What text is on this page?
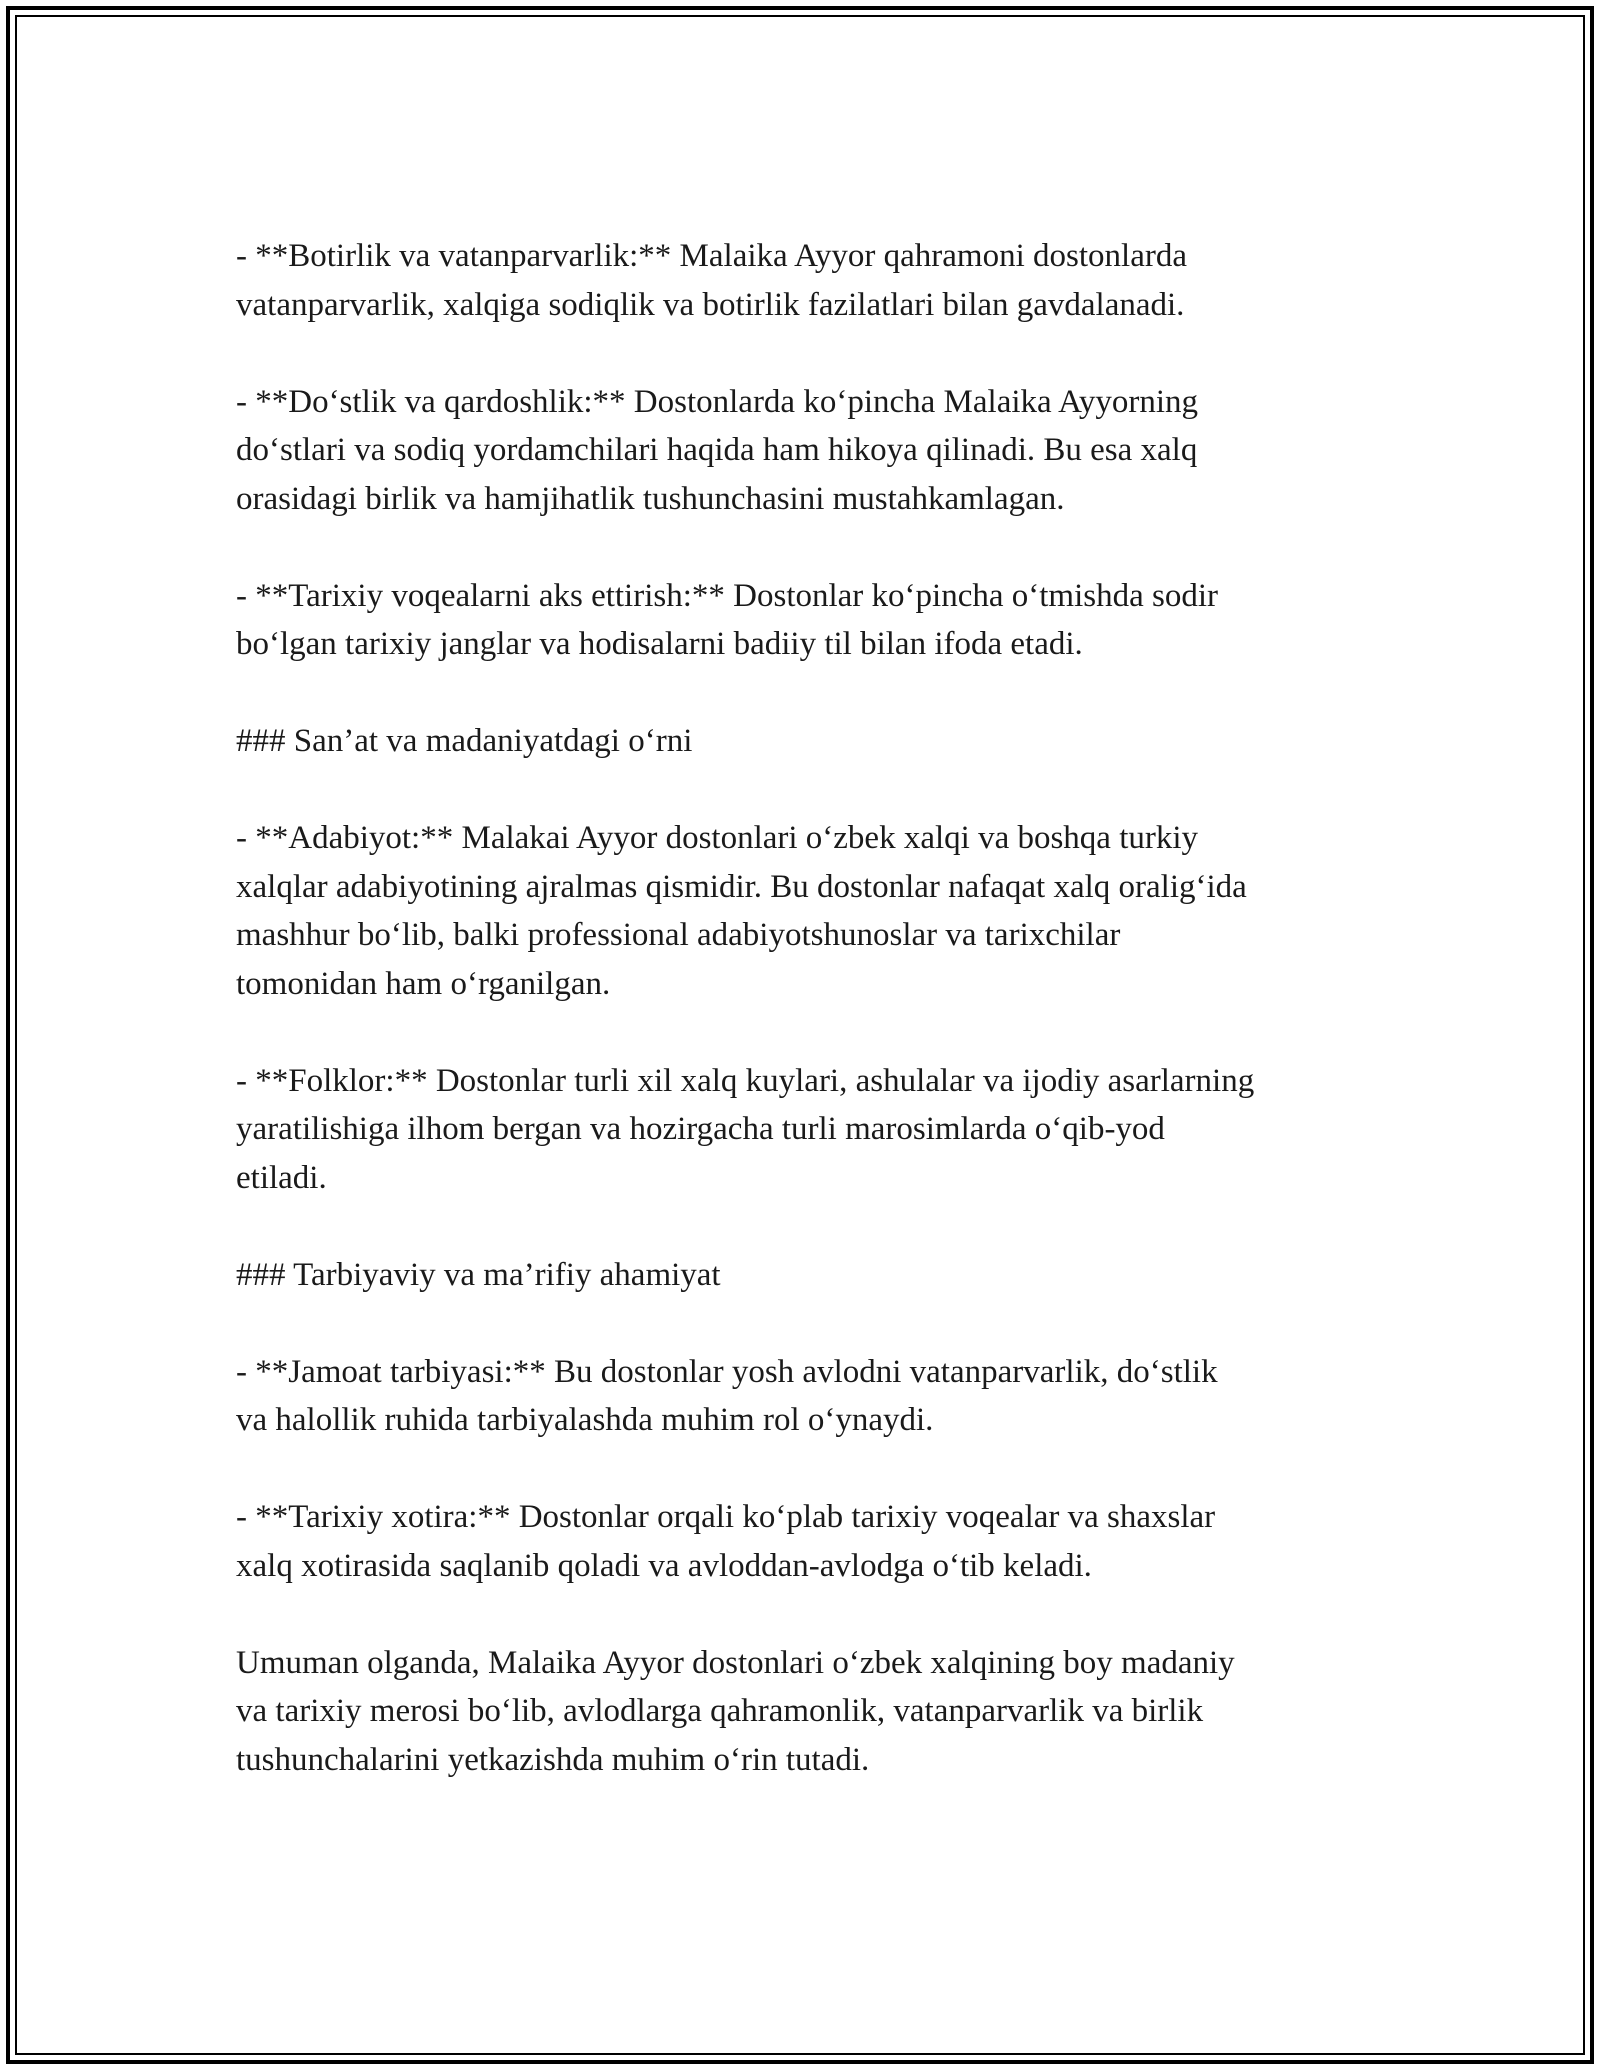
- **Botirlik va vatanparvarlik:** Malaika Ayyor qahramoni dostonlarda
vatanparvarlik, xalqiga sodiqlik va botirlik fazilatlari bilan gavdalanadi.

- **Do‘stlik va qardoshlik:** Dostonlarda ko‘pincha Malaika Ayyorning
do‘stlari va sodiq yordamchilari haqida ham hikoya qilinadi. Bu esa xalq
orasidagi birlik va hamjihatlik tushunchasini mustahkamlagan.

- **Tarixiy voqealarni aks ettirish:** Dostonlar ko‘pincha o‘tmishda sodir
bo‘lgan tarixiy janglar va hodisalarni badiiy til bilan ifoda etadi.

### San’at va madaniyatdagi o‘rni

- **Adabiyot:** Malakai Ayyor dostonlari o‘zbek xalqi va boshqa turkiy
xalqlar adabiyotining ajralmas qismidir. Bu dostonlar nafaqat xalq oralig‘ida
mashhur bo‘lib, balki professional adabiyotshunoslar va tarixchilar
tomonidan ham o‘rganilgan.

- **Folklor:** Dostonlar turli xil xalq kuylari, ashulalar va ijodiy asarlarning
yaratilishiga ilhom bergan va hozirgacha turli marosimlarda o‘qib-yod
etiladi.

### Tarbiyaviy va ma’rifiy ahamiyat

- **Jamoat tarbiyasi:** Bu dostonlar yosh avlodni vatanparvarlik, do‘stlik
va halollik ruhida tarbiyalashda muhim rol o‘ynaydi.

- **Tarixiy xotira:** Dostonlar orqali ko‘plab tarixiy voqealar va shaxslar
xalq xotirasida saqlanib qoladi va avloddan-avlodga o‘tib keladi.

Umuman olganda, Malaika Ayyor dostonlari o‘zbek xalqining boy madaniy
va tarixiy merosi bo‘lib, avlodlarga qahramonlik, vatanparvarlik va birlik
tushunchalarini yetkazishda muhim o‘rin tutadi.
